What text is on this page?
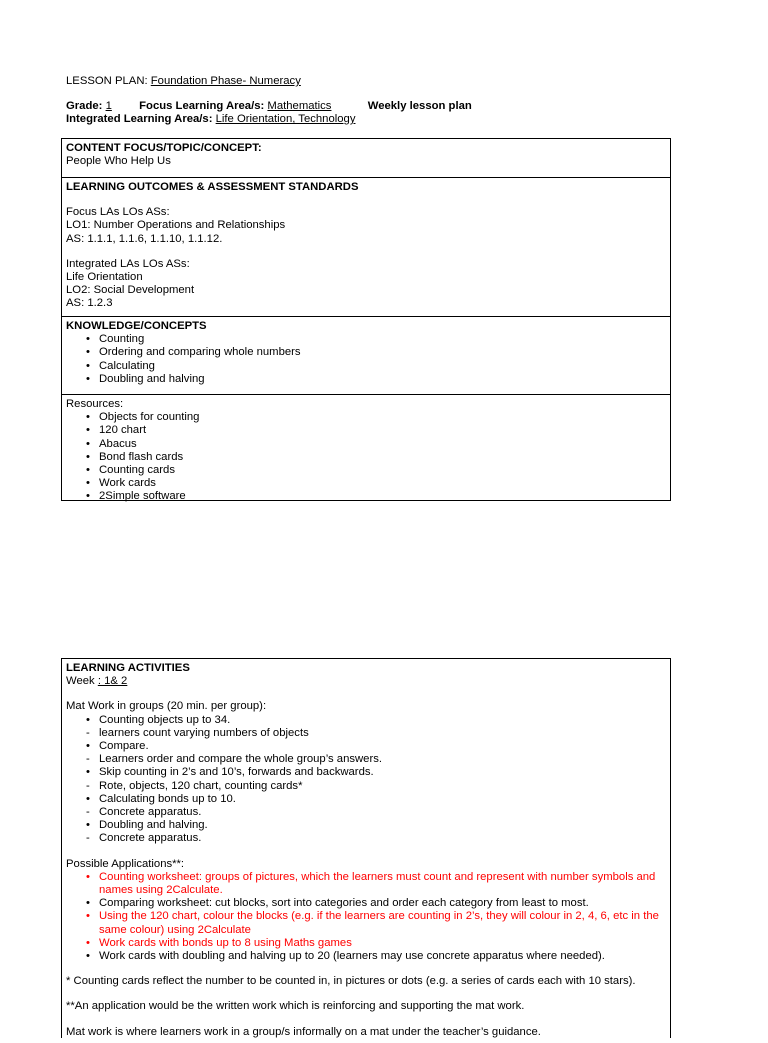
LESSON PLAN: Foundation Phase- Numeracy
Grade: 1 Focus Learning Area/s: Mathematics	Weekly lesson plan
Integrated Learning Area/s: Life Orientation, Technology

CONTENT FOCUS/TOPIC/CONCEPT:

People Who Help Us

LEARNING OUTCOMES & ASSESSMENT STANDARDS

Focus LAs LOs ASs:

LO1: Number Operations and Relationships

AS: 1.1.1, 1.1.6, 1.1.10, 1.1.12.

Integrated LAs LOs ASs:

Life Orientation

LO2: Social Development

AS: 1.2.3

KNOWLEDGE/CONCEPTS

• Counting
• Ordering and comparing whole numbers
• Calculating
• Doubling and halving

Resources:

• Objects for counting
• 120 chart
• Abacus
• Bond flash cards
• Counting cards
• Work cards
• 2Simple software

LEARNING ACTIVITIES

Week : 1& 2

Mat Work in groups (20 min. per group):

• Counting objects up to 34.
- learners count varying numbers of objects
• Compare.
- Learners order and compare the whole group’s answers.
• Skip counting in 2’s and 10’s, forwards and backwards.
- Rote, objects, 120 chart, counting cards*
• Calculating bonds up to 10.
- Concrete apparatus.
• Doubling and halving.
- Concrete apparatus.

Possible Applications**:

• Counting worksheet: groups of pictures, which the learners must count and represent with number symbols and names using 2Calculate.
• Comparing worksheet: cut blocks, sort into categories and order each category from least to most.
• Using the 120 chart, colour the blocks (e.g. if the learners are counting in 2’s, they will colour in 2, 4, 6, etc in the same colour) using 2Calculate
• Work cards with bonds up to 8 using Maths games
• Work cards with doubling and halving up to 20 (learners may use concrete apparatus where needed).

* Counting cards reflect the number to be counted in, in pictures or dots (e.g. a series of cards each with 10 stars).

**An application would be the written work which is reinforcing and supporting the mat work.

Mat work is where learners work in a group/s informally on a mat under the teacher’s guidance.
